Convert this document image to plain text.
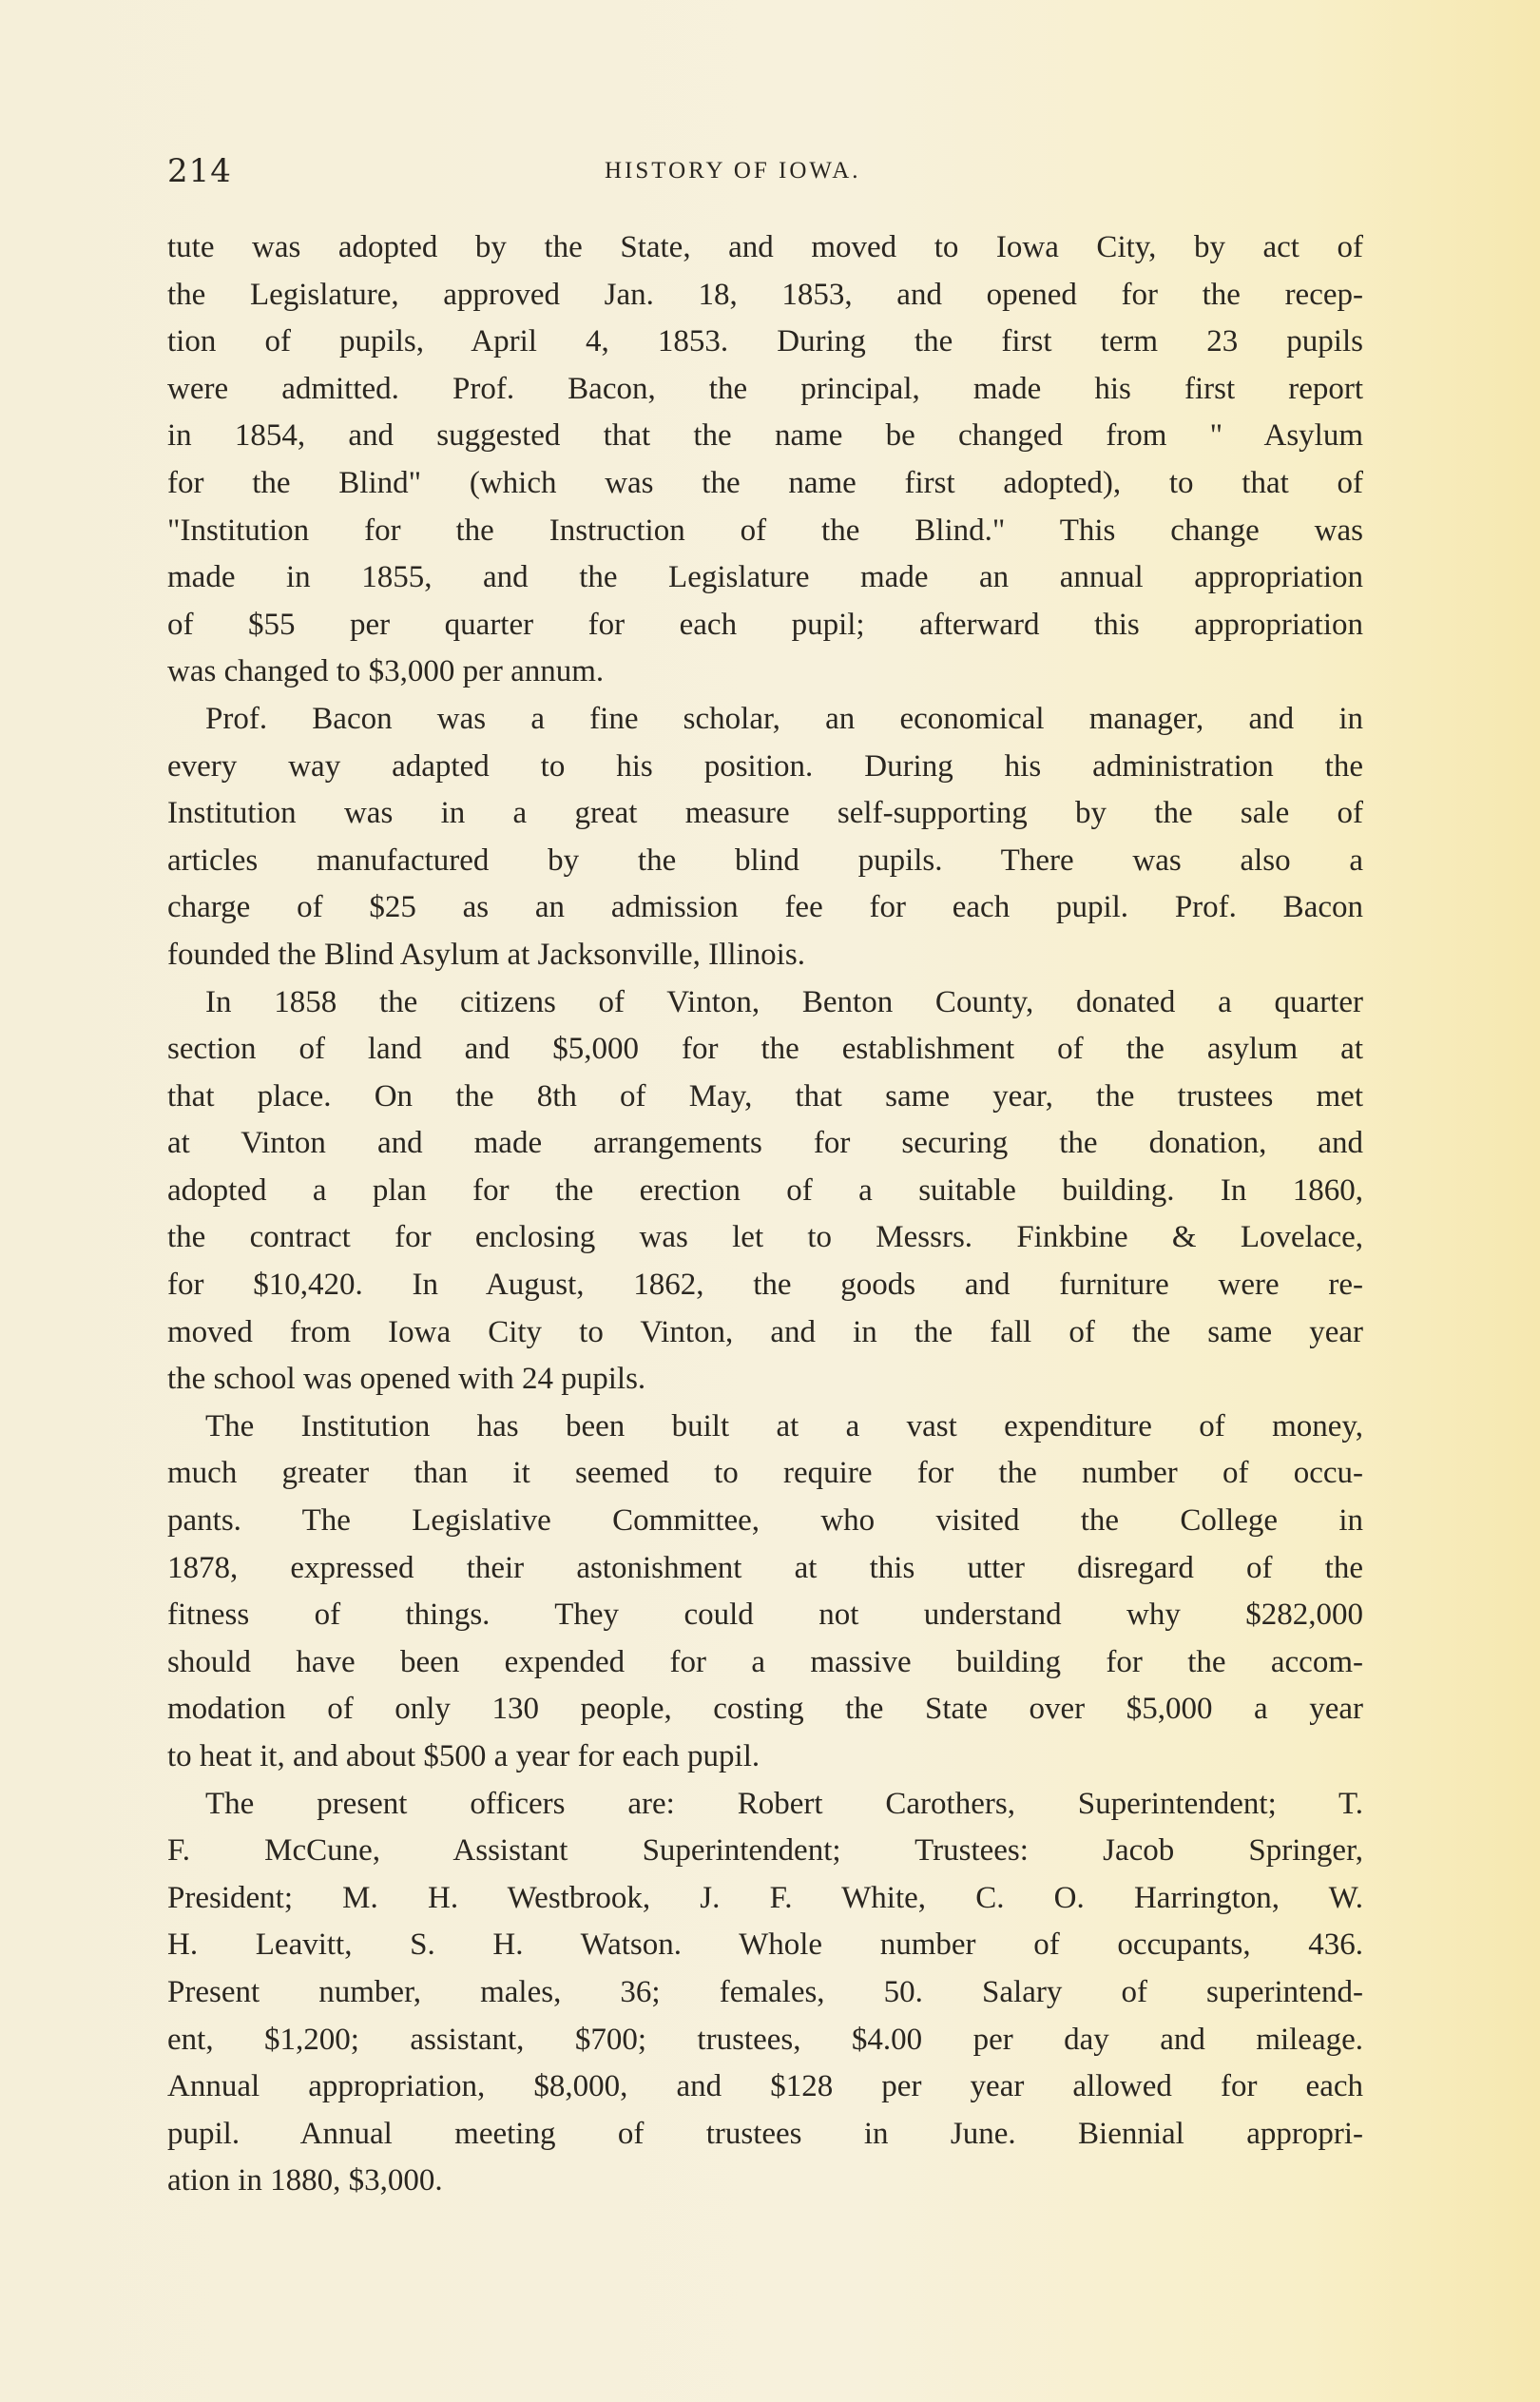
214	HISTORY OF IOWA.
tute was adopted by the State, and moved to Iowa City, by act of
the Legislature, approved Jan. 18, 1853, and opened for the recep-
tion of pupils, April 4, 1853. During the first term 23 pupils
were admitted. Prof. Bacon, the principal, made his first report
in 1854, and suggested that the name be changed from " Asylum
for the Blind" (which was the name first adopted), to that of
"Institution for the Instruction of the Blind." This change was
made in 1855, and the Legislature made an annual appropriation
of $55 per quarter for each pupil; afterward this appropriation
was changed to $3,000 per annum.
Prof. Bacon was a fine scholar, an economical manager, and in
every way adapted to his position. During his administration the
Institution was in a great measure self-supporting by the sale of
articles manufactured by the blind pupils. There was also a
charge of $25 as an admission fee for each pupil. Prof. Bacon
founded the Blind Asylum at Jacksonville, Illinois.
In 1858 the citizens of Vinton, Benton County, donated a quarter
section of land and $5,000 for the establishment of the asylum at
that place. On the 8th of May, that same year, the trustees met
at Vinton and made arrangements for securing the donation, and
adopted a plan for the erection of a suitable building. In 1860,
the contract for enclosing was let to Messrs. Finkbine & Lovelace,
for $10,420. In August, 1862, the goods and furniture were re-
moved from Iowa City to Vinton, and in the fall of the same year
the school was opened with 24 pupils.
The Institution has been built at a vast expenditure of money,
much greater than it seemed to require for the number of occu-
pants. The Legislative Committee, who visited the College in
1878, expressed their astonishment at this utter disregard of the
fitness of things. They could not understand why $282,000
should have been expended for a massive building for the accom-
modation of only 130 people, costing the State over $5,000 a year
to heat it, and about $500 a year for each pupil.
The present officers are: Robert Carothers, Superintendent; T.
F. McCune, Assistant Superintendent; Trustees: Jacob Springer,
President; M. H. Westbrook, J. F. White, C. O. Harrington, W.
H. Leavitt, S. H. Watson. Whole number of occupants, 436.
Present number, males, 36; females, 50. Salary of superintend-
ent, $1,200; assistant, $700; trustees, $4.00 per day and mileage.
Annual appropriation, $8,000, and $128 per year allowed for each
pupil. Annual meeting of trustees in June. Biennial appropri-
ation in 1880, $3,000.
